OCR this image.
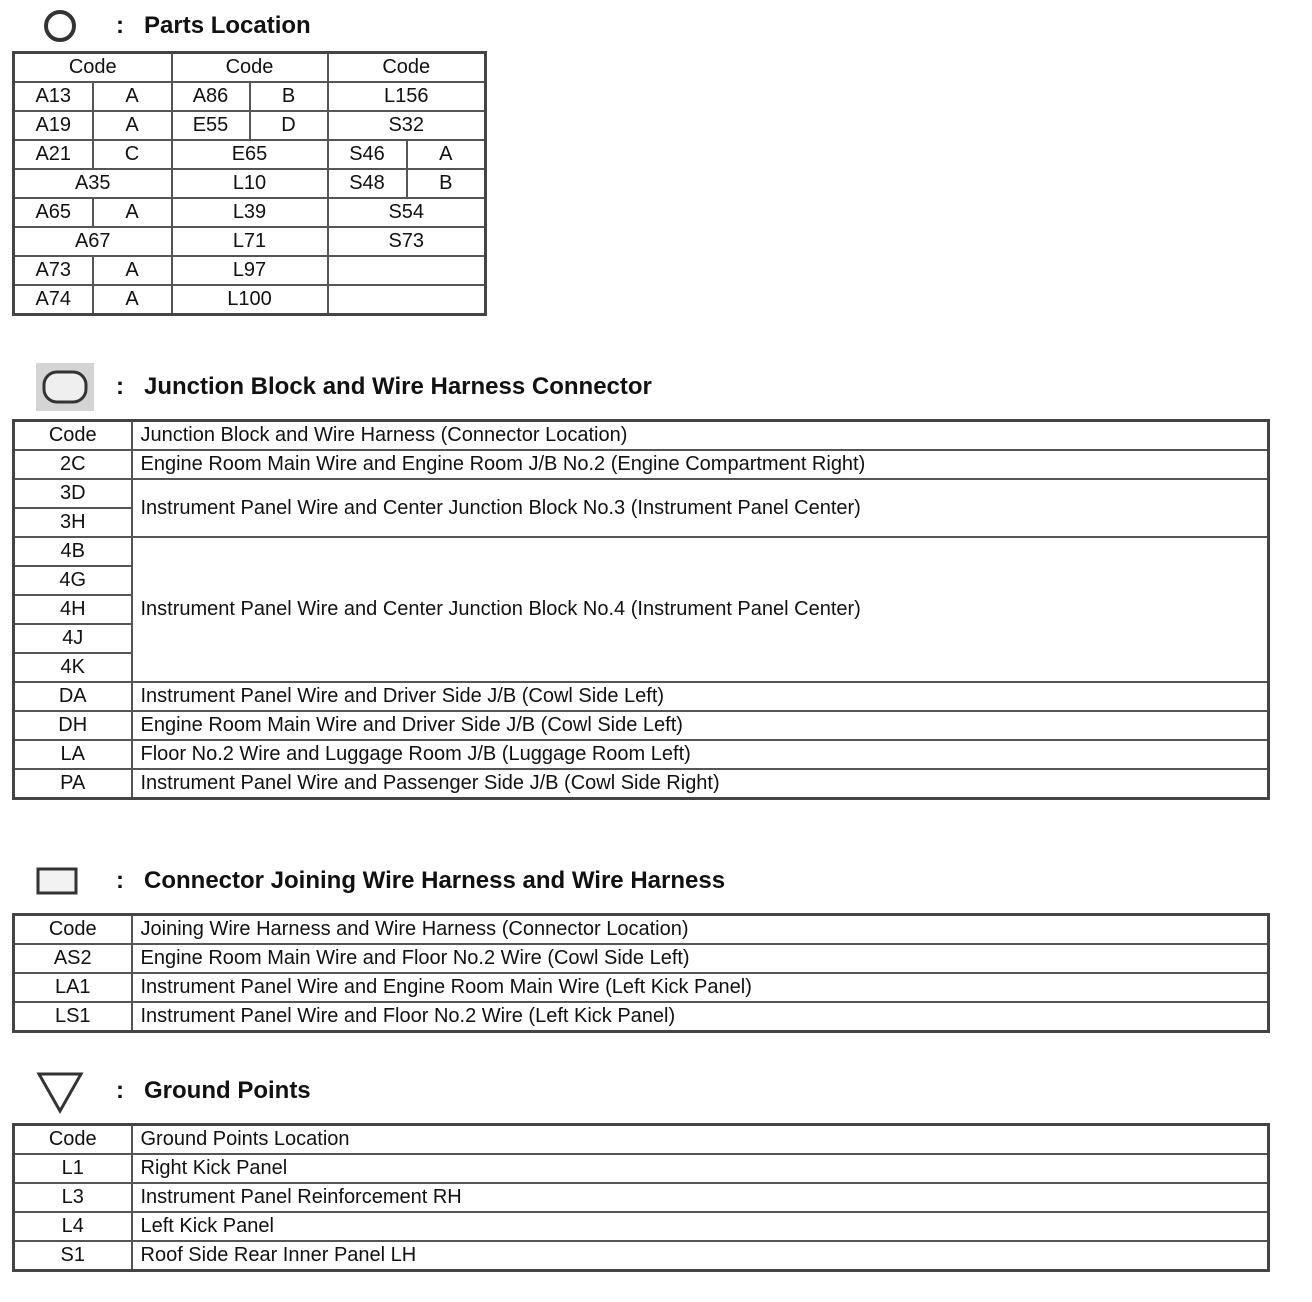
: Parts Location
Code		Code		Code	
A13	A	A86	B	L156	
A19	A	E55	D	S32	
A21	C	E65		S46	A
A35		L10		S48	B
A65	A	L39		S54	
A67		L71		S73	
A73	A	L97			
A74	A	L100			
: Junction Block and Wire Harness Connector
Code	Junction Block and Wire Harness (Connector Location)
2C	Engine Room Main Wire and Engine Room J/B No.2 (Engine Compartment Right)
3D	Instrument Panel Wire and Center Junction Block No.3 (Instrument Panel Center)
3H	
4B	Instrument Panel Wire and Center Junction Block No.4 (Instrument Panel Center)
4G	
4H	
4J	
4K	
DA	Instrument Panel Wire and Driver Side J/B (Cowl Side Left)
DH	Engine Room Main Wire and Driver Side J/B (Cowl Side Left)
LA	Floor No.2 Wire and Luggage Room J/B (Luggage Room Left)
PA	Instrument Panel Wire and Passenger Side J/B (Cowl Side Right)
: Connector Joining Wire Harness and Wire Harness
Code	Joining Wire Harness and Wire Harness (Connector Location)
AS2	Engine Room Main Wire and Floor No.2 Wire (Cowl Side Left)
LA1	Instrument Panel Wire and Engine Room Main Wire (Left Kick Panel)
LS1	Instrument Panel Wire and Floor No.2 Wire (Left Kick Panel)
: Ground Points
Code	Ground Points Location
L1	Right Kick Panel
L3	Instrument Panel Reinforcement RH
L4	Left Kick Panel
S1	Roof Side Rear Inner Panel LH
